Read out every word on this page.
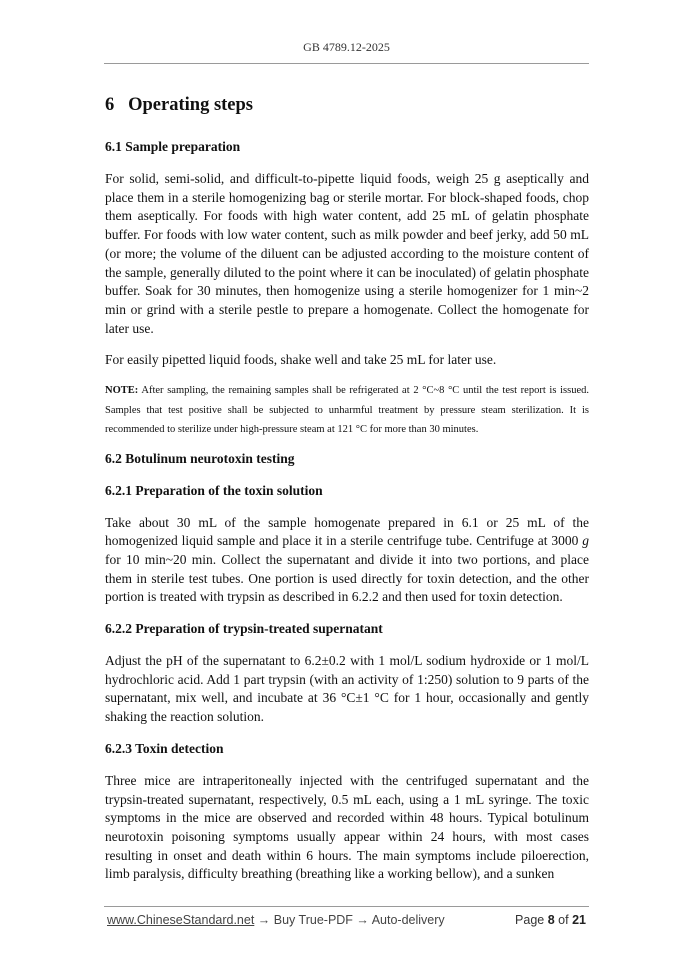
GB 4789.12-2025
6 Operating steps
6.1 Sample preparation

For solid, semi-solid, and difficult-to-pipette liquid foods, weigh 25 g aseptically and place them in a sterile homogenizing bag or sterile mortar. For block-shaped foods, chop them aseptically. For foods with high water content, add 25 mL of gelatin phosphate buffer. For foods with low water content, such as milk powder and beef jerky, add 50 mL (or more; the volume of the diluent can be adjusted according to the moisture content of the sample, generally diluted to the point where it can be inoculated) of gelatin phosphate buffer. Soak for 30 minutes, then homogenize using a sterile homogenizer for 1 min~2 min or grind with a sterile pestle to prepare a homogenate. Collect the homogenate for later use.

For easily pipetted liquid foods, shake well and take 25 mL for later use.

NOTE: After sampling, the remaining samples shall be refrigerated at 2 °C~8 °C until the test report is issued. Samples that test positive shall be subjected to unharmful treatment by pressure steam sterilization. It is recommended to sterilize under high-pressure steam at 121 °C for more than 30 minutes.

6.2 Botulinum neurotoxin testing
6.2.1 Preparation of the toxin solution

Take about 30 mL of the sample homogenate prepared in 6.1 or 25 mL of the homogenized liquid sample and place it in a sterile centrifuge tube. Centrifuge at 3000 g for 10 min~20 min. Collect the supernatant and divide it into two portions, and place them in sterile test tubes. One portion is used directly for toxin detection, and the other portion is treated with trypsin as described in 6.2.2 and then used for toxin detection.

6.2.2 Preparation of trypsin-treated supernatant

Adjust the pH of the supernatant to 6.2±0.2 with 1 mol/L sodium hydroxide or 1 mol/L hydrochloric acid. Add 1 part trypsin (with an activity of 1:250) solution to 9 parts of the supernatant, mix well, and incubate at 36 °C±1 °C for 1 hour, occasionally and gently shaking the reaction solution.

6.2.3 Toxin detection

Three mice are intraperitoneally injected with the centrifuged supernatant and the trypsin-treated supernatant, respectively, 0.5 mL each, using a 1 mL syringe. The toxic symptoms in the mice are observed and recorded within 48 hours. Typical botulinum neurotoxin poisoning symptoms usually appear within 24 hours, with most cases resulting in onset and death within 6 hours. The main symptoms include piloerection, limb paralysis, difficulty breathing (breathing like a working bellow), and a sunken

www.ChineseStandard.net → Buy True-PDF → Auto-delivery	Page 8 of 21
